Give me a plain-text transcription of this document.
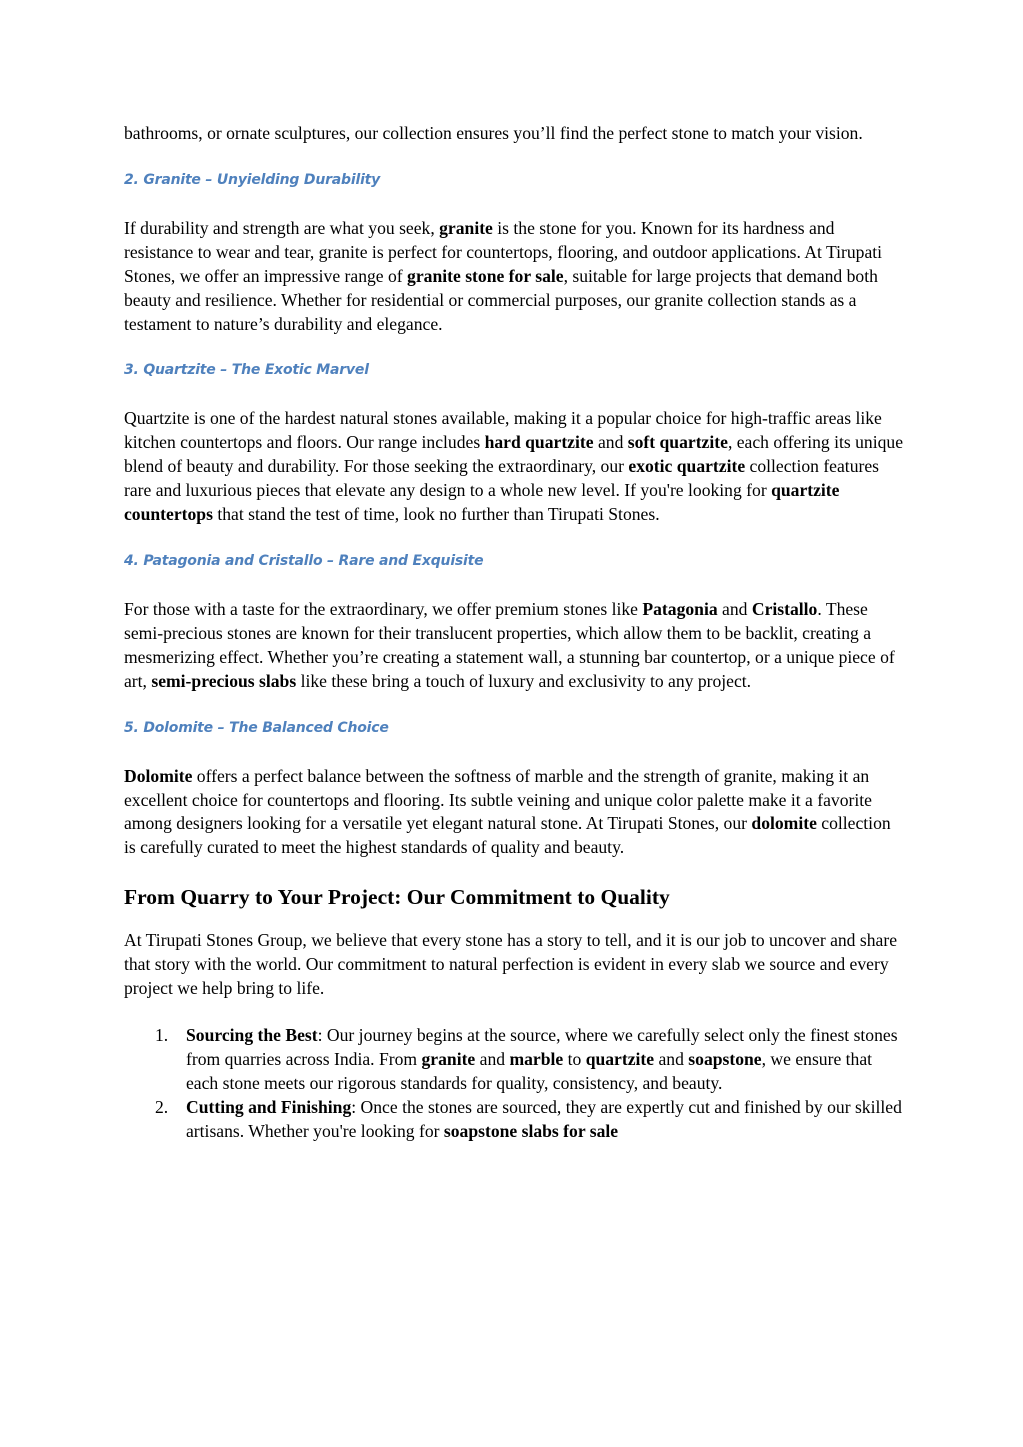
bathrooms, or ornate sculptures, our collection ensures you’ll find the perfect stone to match your vision.

2. Granite – Unyielding Durability

If durability and strength are what you seek, granite is the stone for you. Known for its hardness and resistance to wear and tear, granite is perfect for countertops, flooring, and outdoor applications. At Tirupati Stones, we offer an impressive range of granite stone for sale, suitable for large projects that demand both beauty and resilience. Whether for residential or commercial purposes, our granite collection stands as a testament to nature’s durability and elegance.

3. Quartzite – The Exotic Marvel

Quartzite is one of the hardest natural stones available, making it a popular choice for high-traffic areas like kitchen countertops and floors. Our range includes hard quartzite and soft quartzite, each offering its unique blend of beauty and durability. For those seeking the extraordinary, our exotic quartzite collection features rare and luxurious pieces that elevate any design to a whole new level. If you're looking for quartzite countertops that stand the test of time, look no further than Tirupati Stones.

4. Patagonia and Cristallo – Rare and Exquisite

For those with a taste for the extraordinary, we offer premium stones like Patagonia and Cristallo. These semi-precious stones are known for their translucent properties, which allow them to be backlit, creating a mesmerizing effect. Whether you’re creating a statement wall, a stunning bar countertop, or a unique piece of art, semi-precious slabs like these bring a touch of luxury and exclusivity to any project.

5. Dolomite – The Balanced Choice

Dolomite offers a perfect balance between the softness of marble and the strength of granite, making it an excellent choice for countertops and flooring. Its subtle veining and unique color palette make it a favorite among designers looking for a versatile yet elegant natural stone. At Tirupati Stones, our dolomite collection is carefully curated to meet the highest standards of quality and beauty.

From Quarry to Your Project: Our Commitment to Quality

At Tirupati Stones Group, we believe that every stone has a story to tell, and it is our job to uncover and share that story with the world. Our commitment to natural perfection is evident in every slab we source and every project we help bring to life.

1. Sourcing the Best: Our journey begins at the source, where we carefully select only the finest stones from quarries across India. From granite and marble to quartzite and soapstone, we ensure that each stone meets our rigorous standards for quality, consistency, and beauty.
2. Cutting and Finishing: Once the stones are sourced, they are expertly cut and finished by our skilled artisans. Whether you're looking for soapstone slabs for sale
